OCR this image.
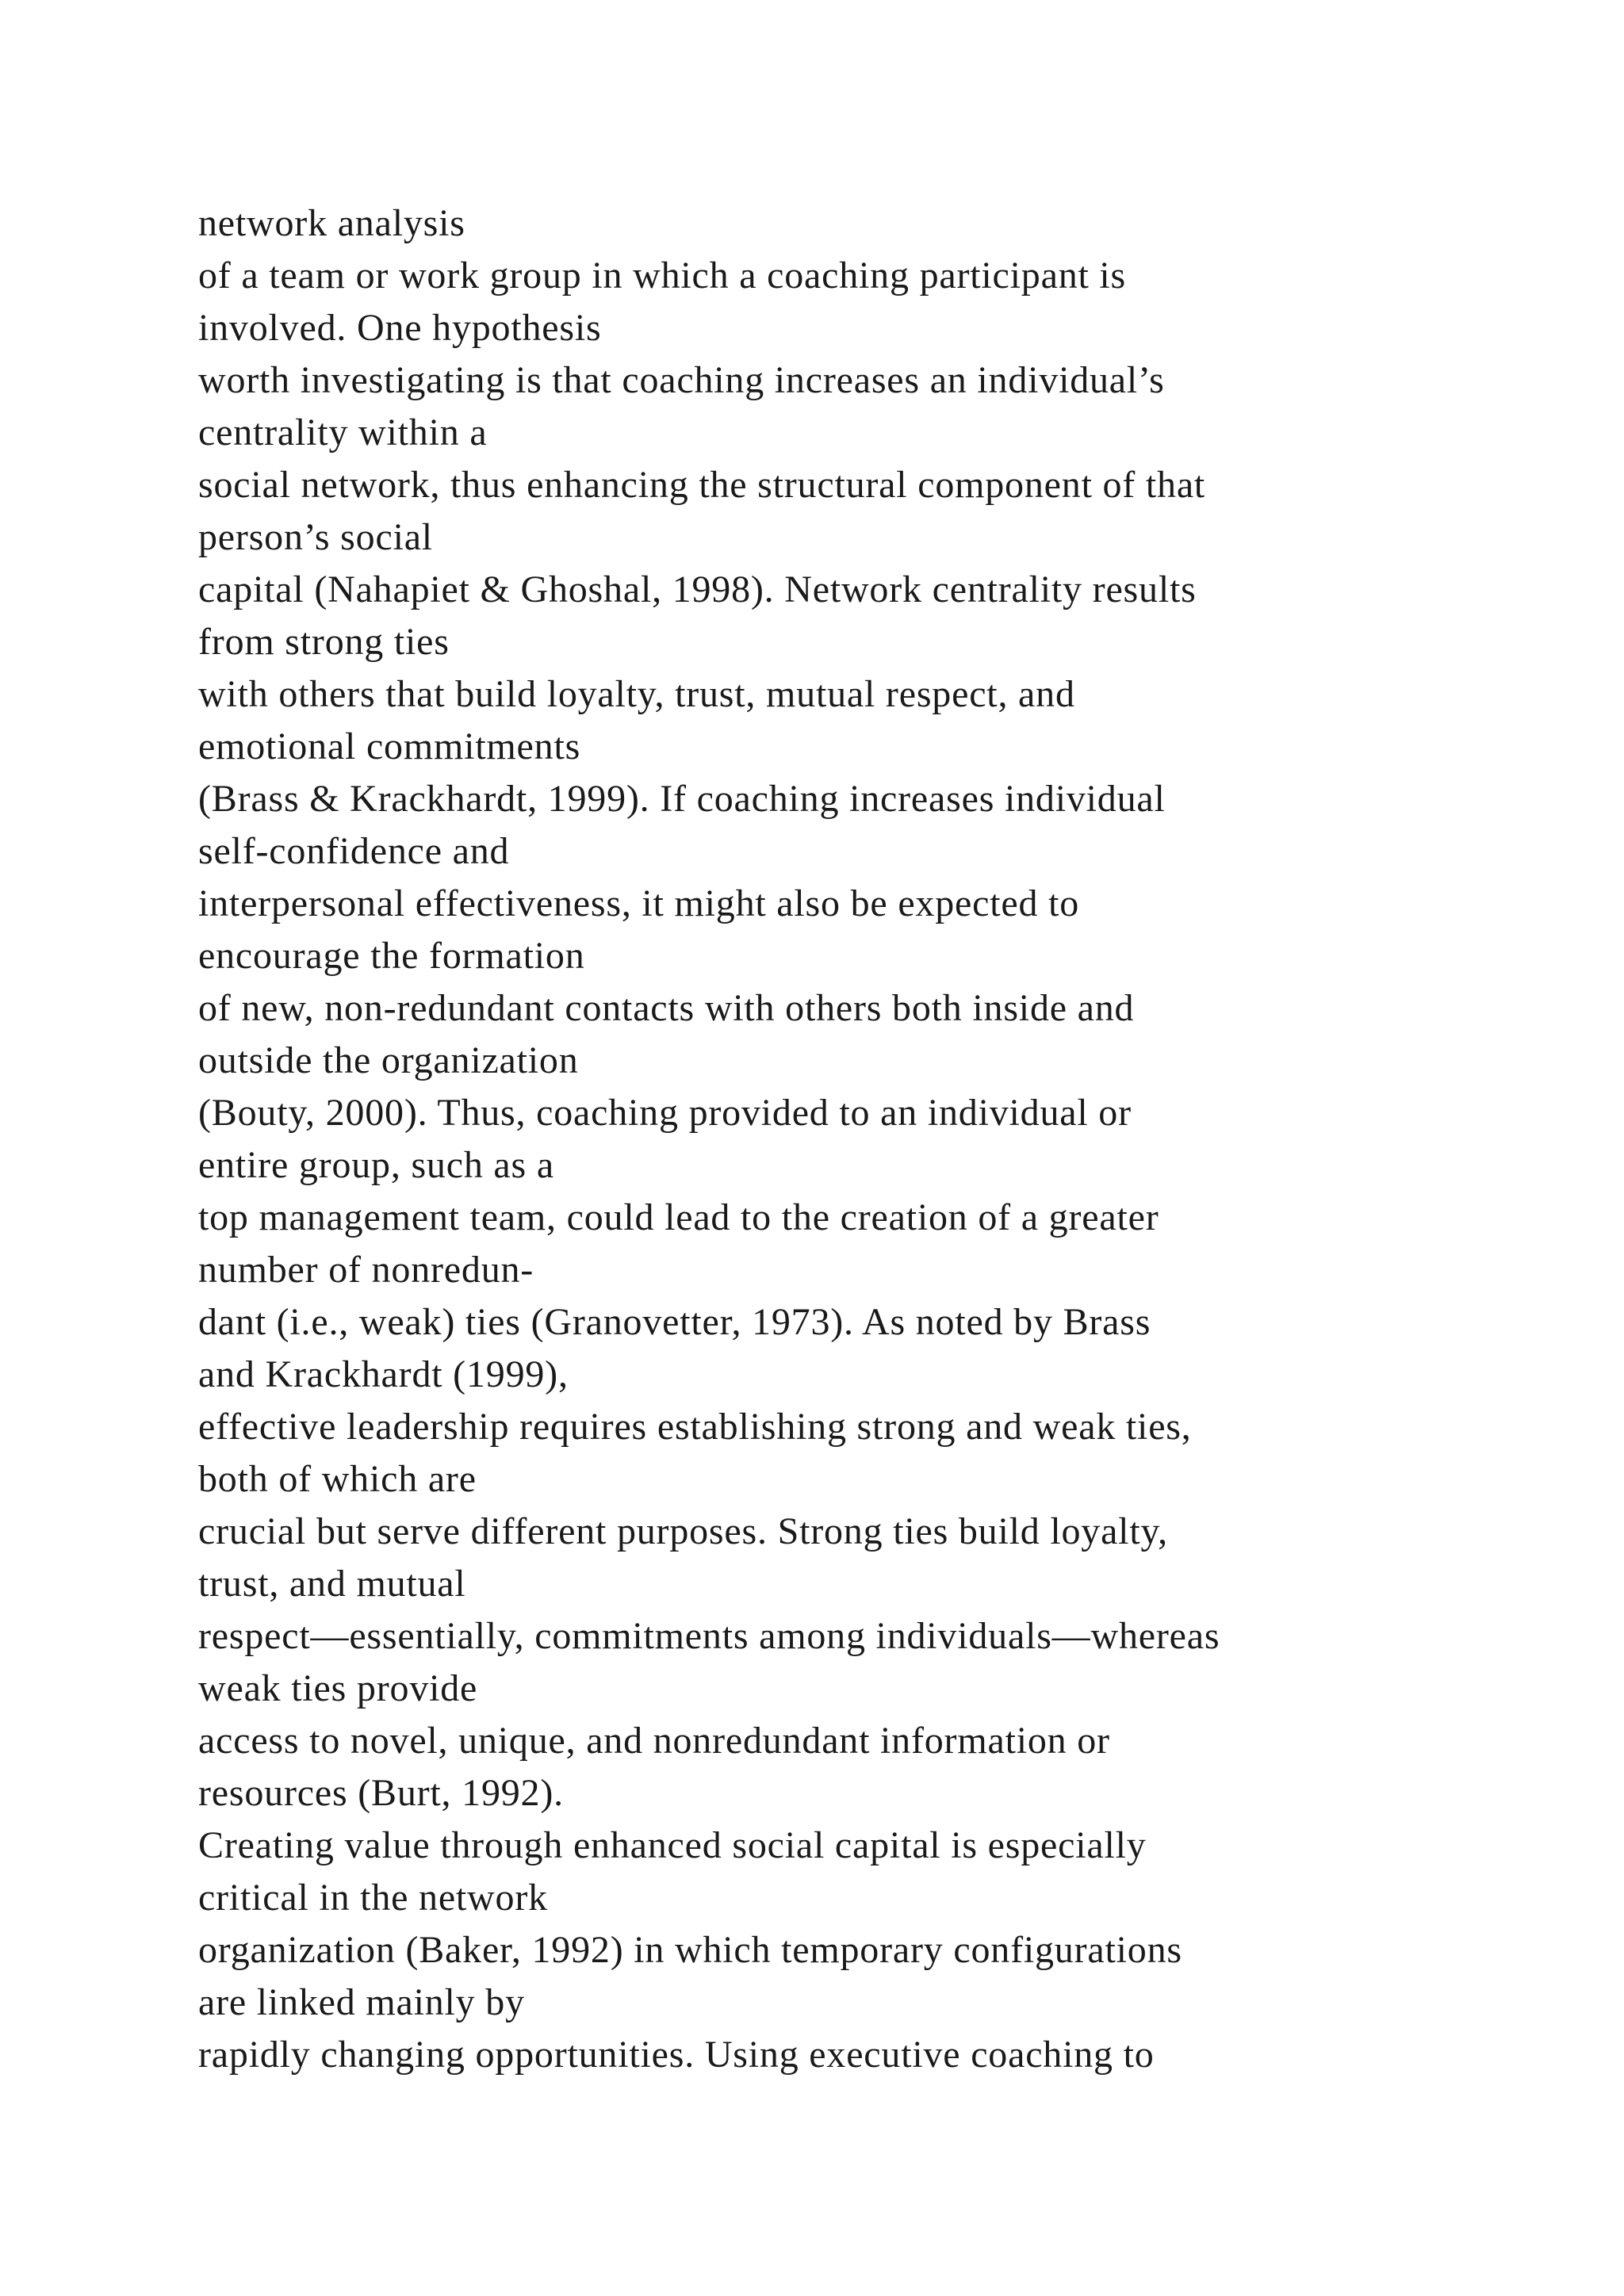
network analysis
of a team or work group in which a coaching participant is
involved. One hypothesis
worth investigating is that coaching increases an individual’s
centrality within a
social network, thus enhancing the structural component of that
person’s social
capital (Nahapiet & Ghoshal, 1998). Network centrality results
from strong ties
with others that build loyalty, trust, mutual respect, and
emotional commitments
(Brass & Krackhardt, 1999). If coaching increases individual
self-confidence and
interpersonal effectiveness, it might also be expected to
encourage the formation
of new, non-redundant contacts with others both inside and
outside the organization
(Bouty, 2000). Thus, coaching provided to an individual or
entire group, such as a
top management team, could lead to the creation of a greater
number of nonredun-
dant (i.e., weak) ties (Granovetter, 1973). As noted by Brass
and Krackhardt (1999),
effective leadership requires establishing strong and weak ties,
both of which are
crucial but serve different purposes. Strong ties build loyalty,
trust, and mutual
respect—essentially, commitments among individuals—whereas
weak ties provide
access to novel, unique, and nonredundant information or
resources (Burt, 1992).
Creating value through enhanced social capital is especially
critical in the network
organization (Baker, 1992) in which temporary configurations
are linked mainly by
rapidly changing opportunities. Using executive coaching to
